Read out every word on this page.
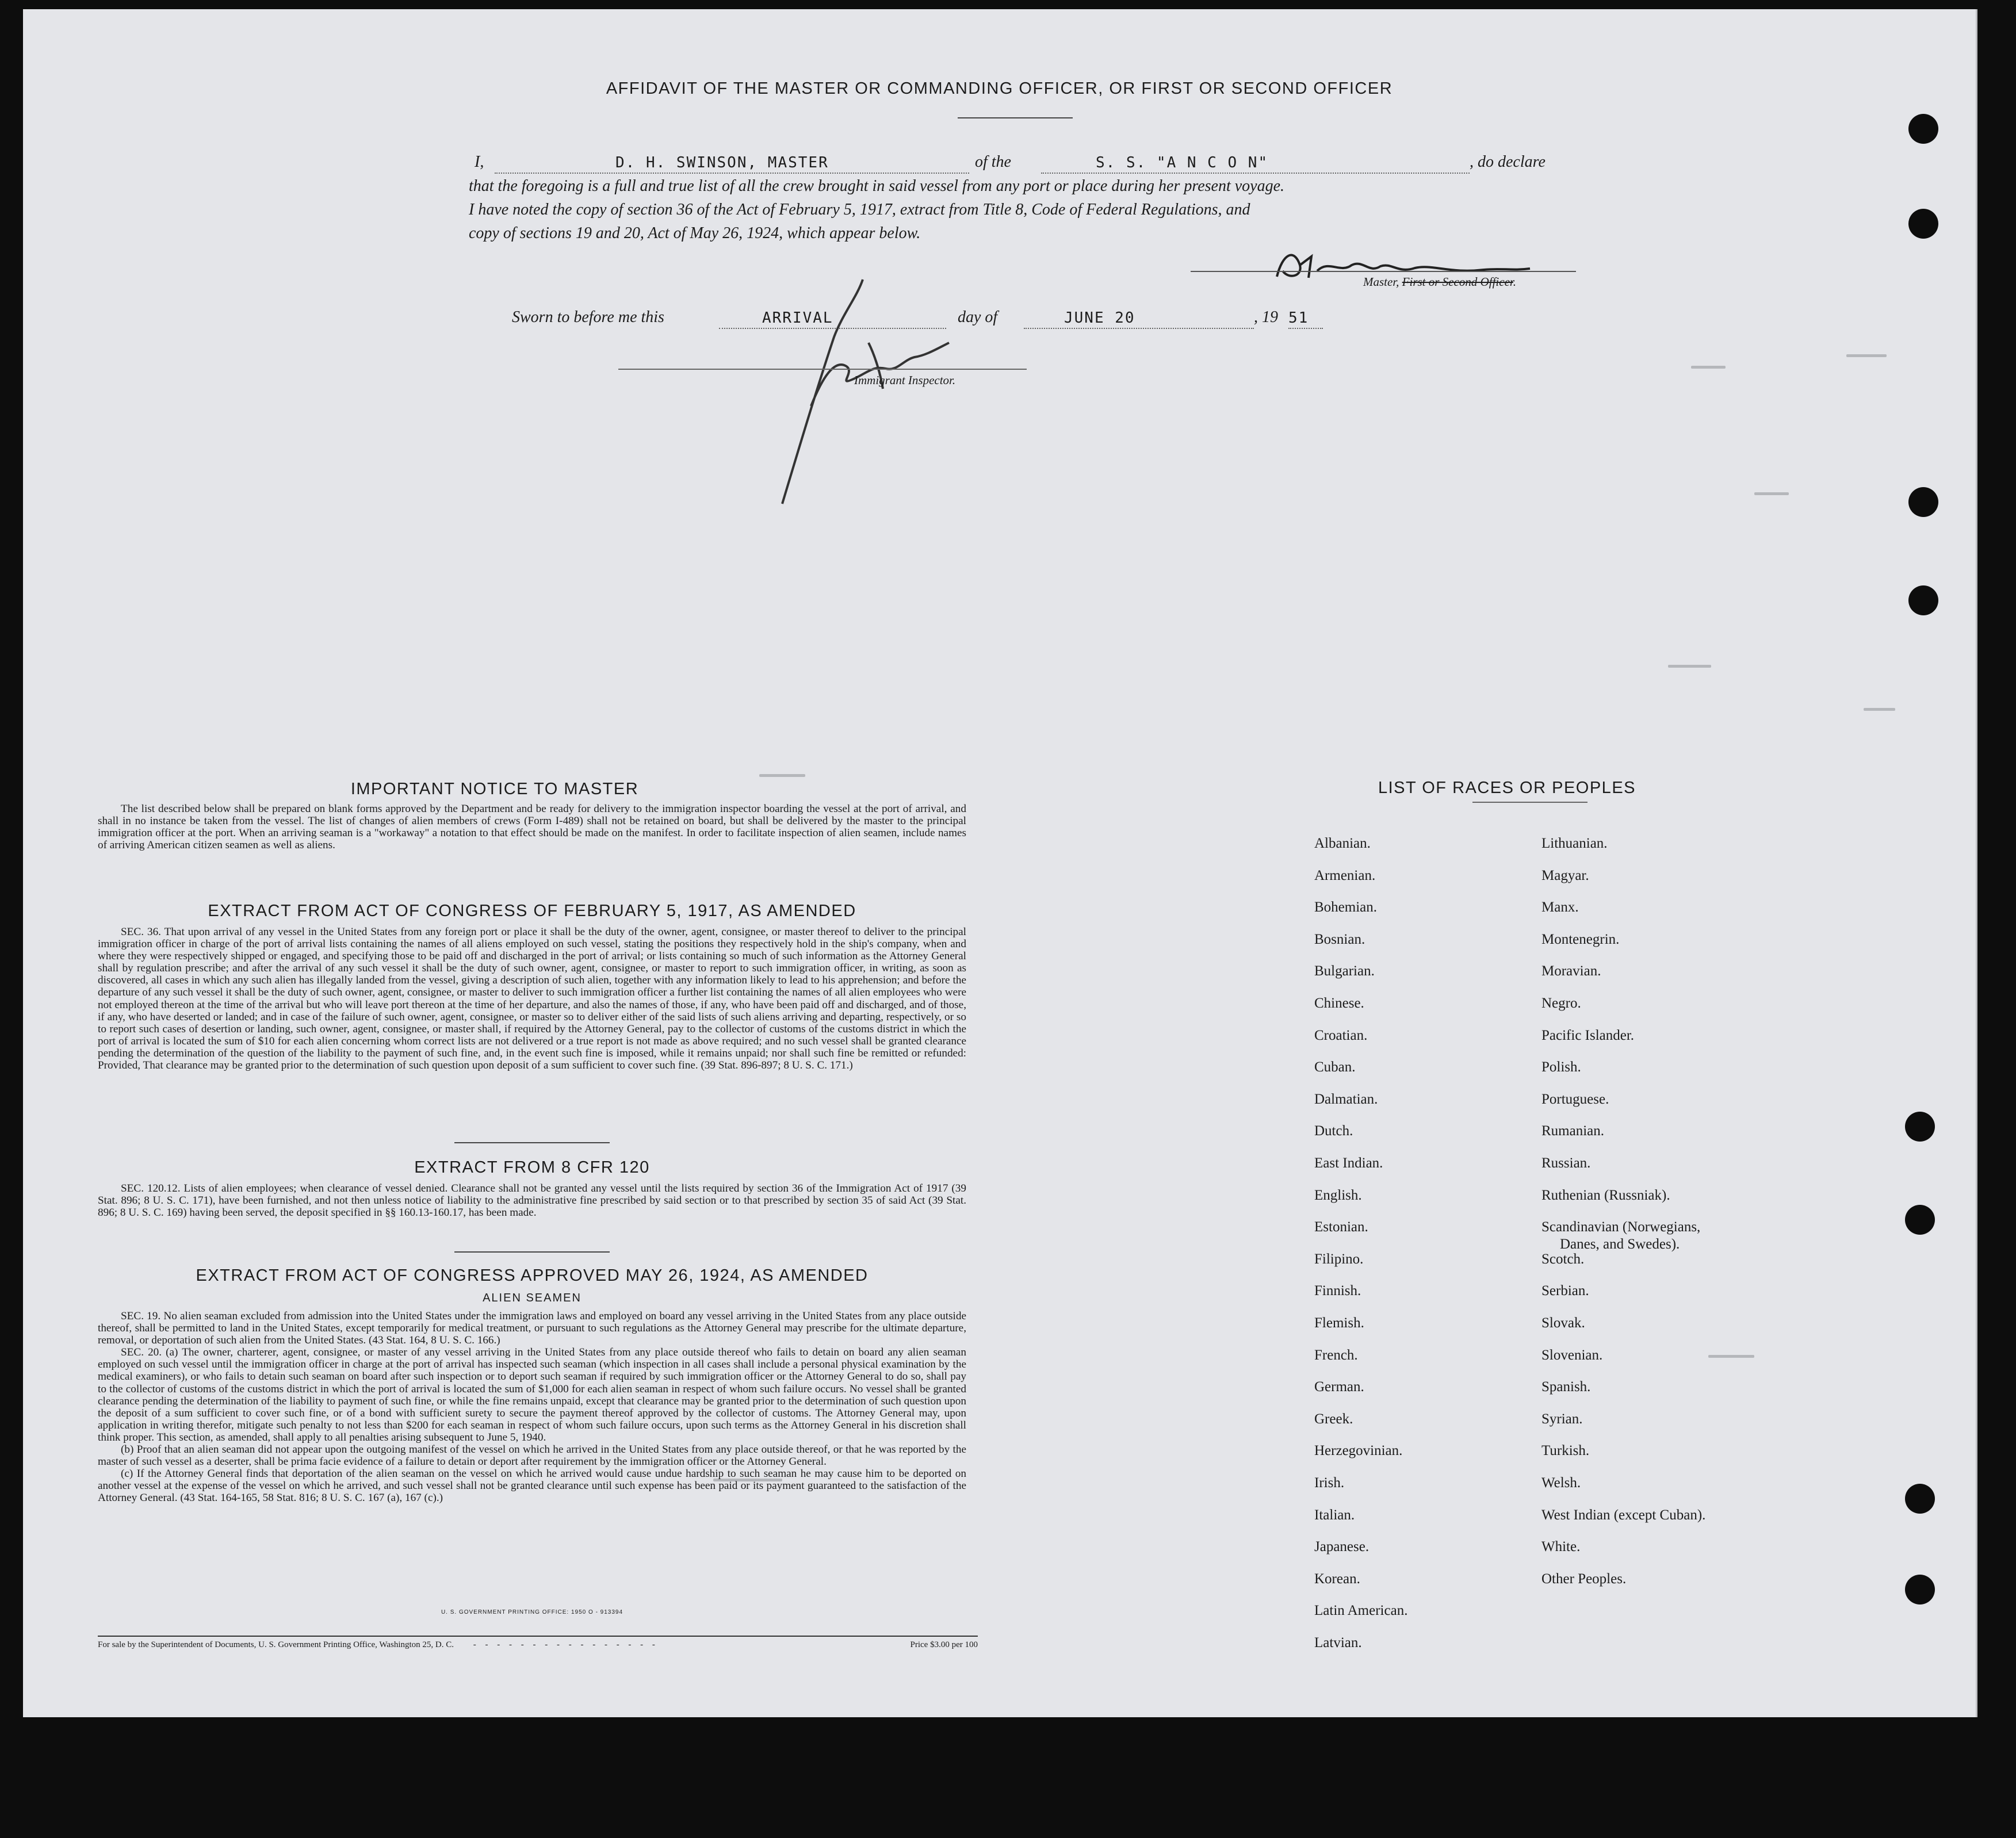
AFFIDAVIT OF THE MASTER OR COMMANDING OFFICER, OR FIRST OR SECOND OFFICER
I,	D. H. SWINSON, MASTER	of the	S. S. "A N C O N"	, do declare
that the foregoing is a full and true list of all the crew brought in said vessel from any port or place during her present voyage.
I have noted the copy of section 36 of the Act of February 5, 1917, extract from Title 8, Code of Federal Regulations, and
copy of sections 19 and 20, Act of May 26, 1924, which appear below.
Master, First or Second Officer.
Sworn to before me this	ARRIVAL	day of	JUNE 20	, 19 51
Immigrant Inspector.
IMPORTANT NOTICE TO MASTER

The list described below shall be prepared on blank forms approved by the Department and be ready for delivery to the immigration inspector boarding the vessel at the port of arrival, and shall in no instance be taken from the vessel. The list of changes of alien members of crews (Form I-489) shall not be retained on board, but shall be delivered by the master to the principal immigration officer at the port. When an arriving seaman is a "workaway" a notation to that effect should be made on the manifest. In order to facilitate inspection of alien seamen, include names of arriving American citizen seamen as well as aliens.

EXTRACT FROM ACT OF CONGRESS OF FEBRUARY 5, 1917, AS AMENDED

SEC. 36. That upon arrival of any vessel in the United States from any foreign port or place it shall be the duty of the owner, agent, consignee, or master thereof to deliver to the principal immigration officer in charge of the port of arrival lists containing the names of all aliens employed on such vessel, stating the positions they respectively hold in the ship's company, when and where they were respectively shipped or engaged, and specifying those to be paid off and discharged in the port of arrival; or lists containing so much of such information as the Attorney General shall by regulation prescribe; and after the arrival of any such vessel it shall be the duty of such owner, agent, consignee, or master to report to such immigration officer, in writing, as soon as discovered, all cases in which any such alien has illegally landed from the vessel, giving a description of such alien, together with any information likely to lead to his apprehension; and before the departure of any such vessel it shall be the duty of such owner, agent, consignee, or master to deliver to such immigration officer a further list containing the names of all alien employees who were not employed thereon at the time of the arrival but who will leave port thereon at the time of her departure, and also the names of those, if any, who have been paid off and discharged, and of those, if any, who have deserted or landed; and in case of the failure of such owner, agent, consignee, or master so to deliver either of the said lists of such aliens arriving and departing, respectively, or so to report such cases of desertion or landing, such owner, agent, consignee, or master shall, if required by the Attorney General, pay to the collector of customs of the customs district in which the port of arrival is located the sum of $10 for each alien concerning whom correct lists are not delivered or a true report is not made as above required; and no such vessel shall be granted clearance pending the determination of the question of the liability to the payment of such fine, and, in the event such fine is imposed, while it remains unpaid; nor shall such fine be remitted or refunded: Provided, That clearance may be granted prior to the determination of such question upon deposit of a sum sufficient to cover such fine. (39 Stat. 896-897; 8 U. S. C. 171.)

EXTRACT FROM 8 CFR 120

SEC. 120.12. Lists of alien employees; when clearance of vessel denied. Clearance shall not be granted any vessel until the lists required by section 36 of the Immigration Act of 1917 (39 Stat. 896; 8 U. S. C. 171), have been furnished, and not then unless notice of liability to the administrative fine prescribed by said section or to that prescribed by section 35 of said Act (39 Stat. 896; 8 U. S. C. 169) having been served, the deposit specified in §§ 160.13-160.17, has been made.

EXTRACT FROM ACT OF CONGRESS APPROVED MAY 26, 1924, AS AMENDED
ALIEN SEAMEN

SEC. 19. No alien seaman excluded from admission into the United States under the immigration laws and employed on board any vessel arriving in the United States from any place outside thereof, shall be permitted to land in the United States, except temporarily for medical treatment, or pursuant to such regulations as the Attorney General may prescribe for the ultimate departure, removal, or deportation of such alien from the United States. (43 Stat. 164, 8 U. S. C. 166.)

SEC. 20. (a) The owner, charterer, agent, consignee, or master of any vessel arriving in the United States from any place outside thereof who fails to detain on board any alien seaman employed on such vessel until the immigration officer in charge at the port of arrival has inspected such seaman (which inspection in all cases shall include a personal physical examination by the medical examiners), or who fails to detain such seaman on board after such inspection or to deport such seaman if required by such immigration officer or the Attorney General to do so, shall pay to the collector of customs of the customs district in which the port of arrival is located the sum of $1,000 for each alien seaman in respect of whom such failure occurs. No vessel shall be granted clearance pending the determination of the liability to payment of such fine, or while the fine remains unpaid, except that clearance may be granted prior to the determination of such question upon the deposit of a sum sufficient to cover such fine, or of a bond with sufficient surety to secure the payment thereof approved by the collector of customs. The Attorney General may, upon application in writing therefor, mitigate such penalty to not less than $200 for each seaman in respect of whom such failure occurs, upon such terms as the Attorney General in his discretion shall think proper. This section, as amended, shall apply to all penalties arising subsequent to June 5, 1940.

(b) Proof that an alien seaman did not appear upon the outgoing manifest of the vessel on which he arrived in the United States from any place outside thereof, or that he was reported by the master of such vessel as a deserter, shall be prima facie evidence of a failure to detain or deport after requirement by the immigration officer or the Attorney General.

(c) If the Attorney General finds that deportation of the alien seaman on the vessel on which he arrived would cause undue hardship to such seaman he may cause him to be deported on another vessel at the expense of the vessel on which he arrived, and such vessel shall not be granted clearance until such expense has been paid or its payment guaranteed to the satisfaction of the Attorney General. (43 Stat. 164-165, 58 Stat. 816; 8 U. S. C. 167 (a), 167 (c).)

U. S. GOVERNMENT PRINTING OFFICE: 1950 O - 913394
For sale by the Superintendent of Documents, U. S. Government Printing Office, Washington 25, D. C. - - - - - - - - - - - - - - - -	Price $3.00 per 100
LIST OF RACES OR PEOPLES
Albanian.
Armenian.
Bohemian.
Bosnian.
Bulgarian.
Chinese.
Croatian.
Cuban.
Dalmatian.
Dutch.
East Indian.
English.
Estonian.
Filipino.
Finnish.
Flemish.
French.
German.
Greek.
Herzegovinian.
Irish.
Italian.
Japanese.
Korean.
Latin American.
Latvian.
Lithuanian.
Magyar.
Manx.
Montenegrin.
Moravian.
Negro.
Pacific Islander.
Polish.
Portuguese.
Rumanian.
Russian.
Ruthenian (Russniak).
Scandinavian (Norwegians,
Danes, and Swedes).
Scotch.
Serbian.
Slovak.
Slovenian.
Spanish.
Syrian.
Turkish.
Welsh.
West Indian (except Cuban).
White.
Other Peoples.
